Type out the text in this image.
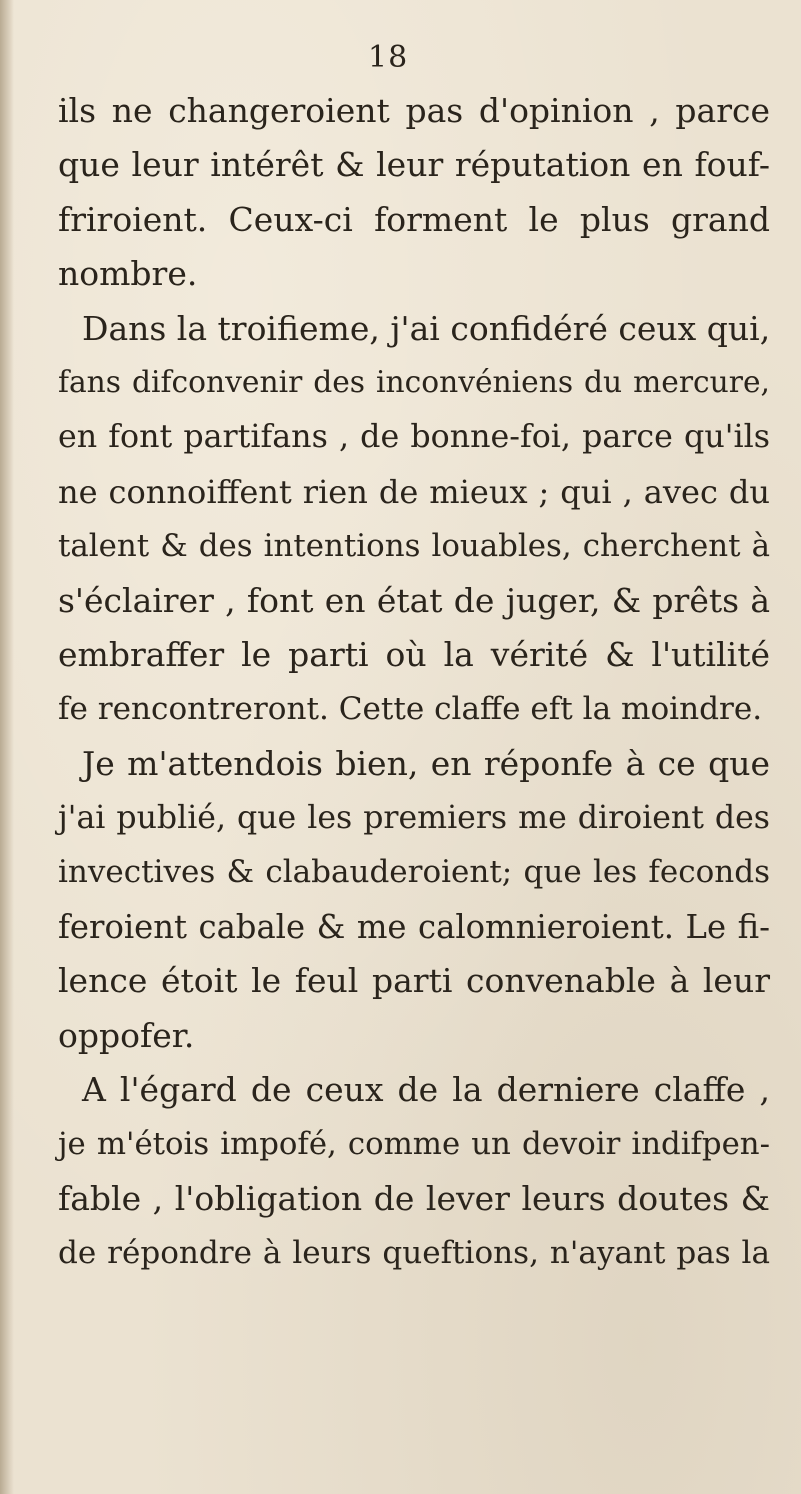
18
ils ne changeroient pas d'opinion , parce
que leur intérêt & leur réputation en fouf-
friroient. Ceux-ci forment le plus grand
nombre.
Dans la troifieme, j'ai confidéré ceux qui,
fans difconvenir des inconvéniens du mercure,
en font partifans , de bonne-foi, parce qu'ils
ne connoiffent rien de mieux ; qui , avec du
talent & des intentions louables, cherchent à
s'éclairer , font en état de juger, & prêts à
embraffer le parti où la vérité & l'utilité
fe rencontreront. Cette claffe eft la moindre.
Je m'attendois bien, en réponfe à ce que
j'ai publié, que les premiers me diroient des
invectives & clabauderoient; que les feconds
feroient cabale & me calomnieroient. Le fi-
lence étoit le feul parti convenable à leur
oppofer.
A l'égard de ceux de la derniere claffe ,
je m'étois impofé, comme un devoir indifpen-
fable , l'obligation de lever leurs doutes &
de répondre à leurs queftions, n'ayant pas la
